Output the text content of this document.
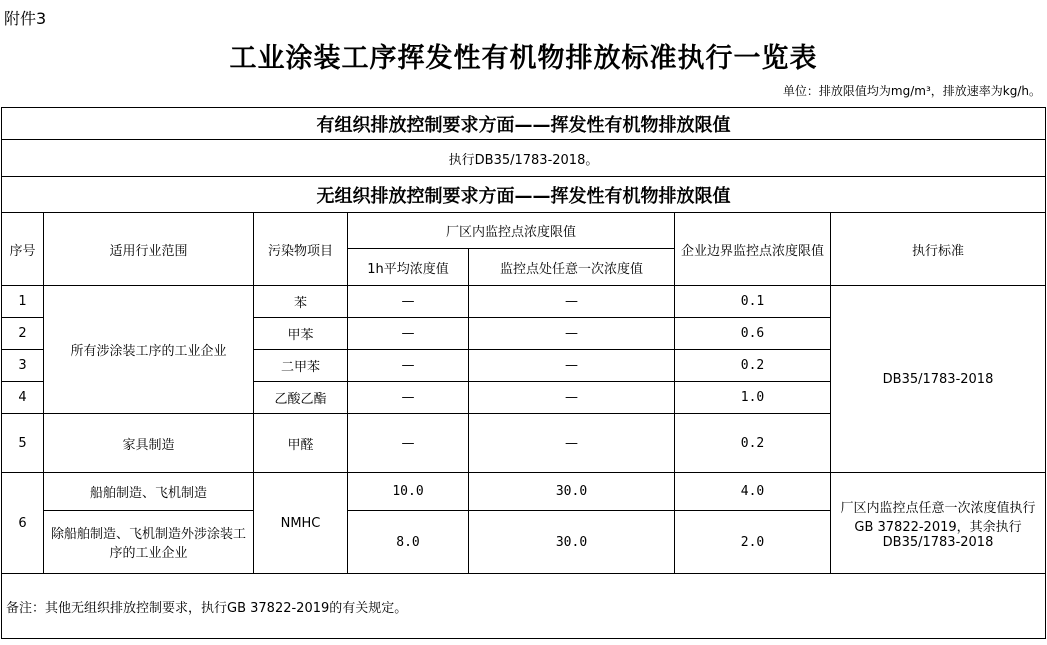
附件3
工业涂装工序挥发性有机物排放标准执行一览表
单位：排放限值均为mg/m³，排放速率为kg/h。
有组织排放控制要求方面——挥发性有机物排放限值						
执行DB35/1783-2018。						
无组织排放控制要求方面——挥发性有机物排放限值						
序号	适用行业范围	污染物项目	厂区内监控点浓度限值		企业边界监控点浓度限值	执行标准
			1h平均浓度值	监控点处任意一次浓度值		
1	所有涉涂装工序的工业企业	苯	—	—	0.1	DB35/1783-2018
2		甲苯	—	—	0.6	
3		二甲苯	—	—	0.2	
4		乙酸乙酯	—	—	1.0	
5	家具制造	甲醛	—	—	0.2	
6	船舶制造、飞机制造	NMHC	10.0	30.0	4.0	厂区内监控点任意一次浓度值执行GB 37822-2019，其余执行DB35/1783-2018
	除船舶制造、飞机制造外涉涂装工序的工业企业		8.0	30.0	2.0	
备注：其他无组织排放控制要求，执行GB 37822-2019的有关规定。						
